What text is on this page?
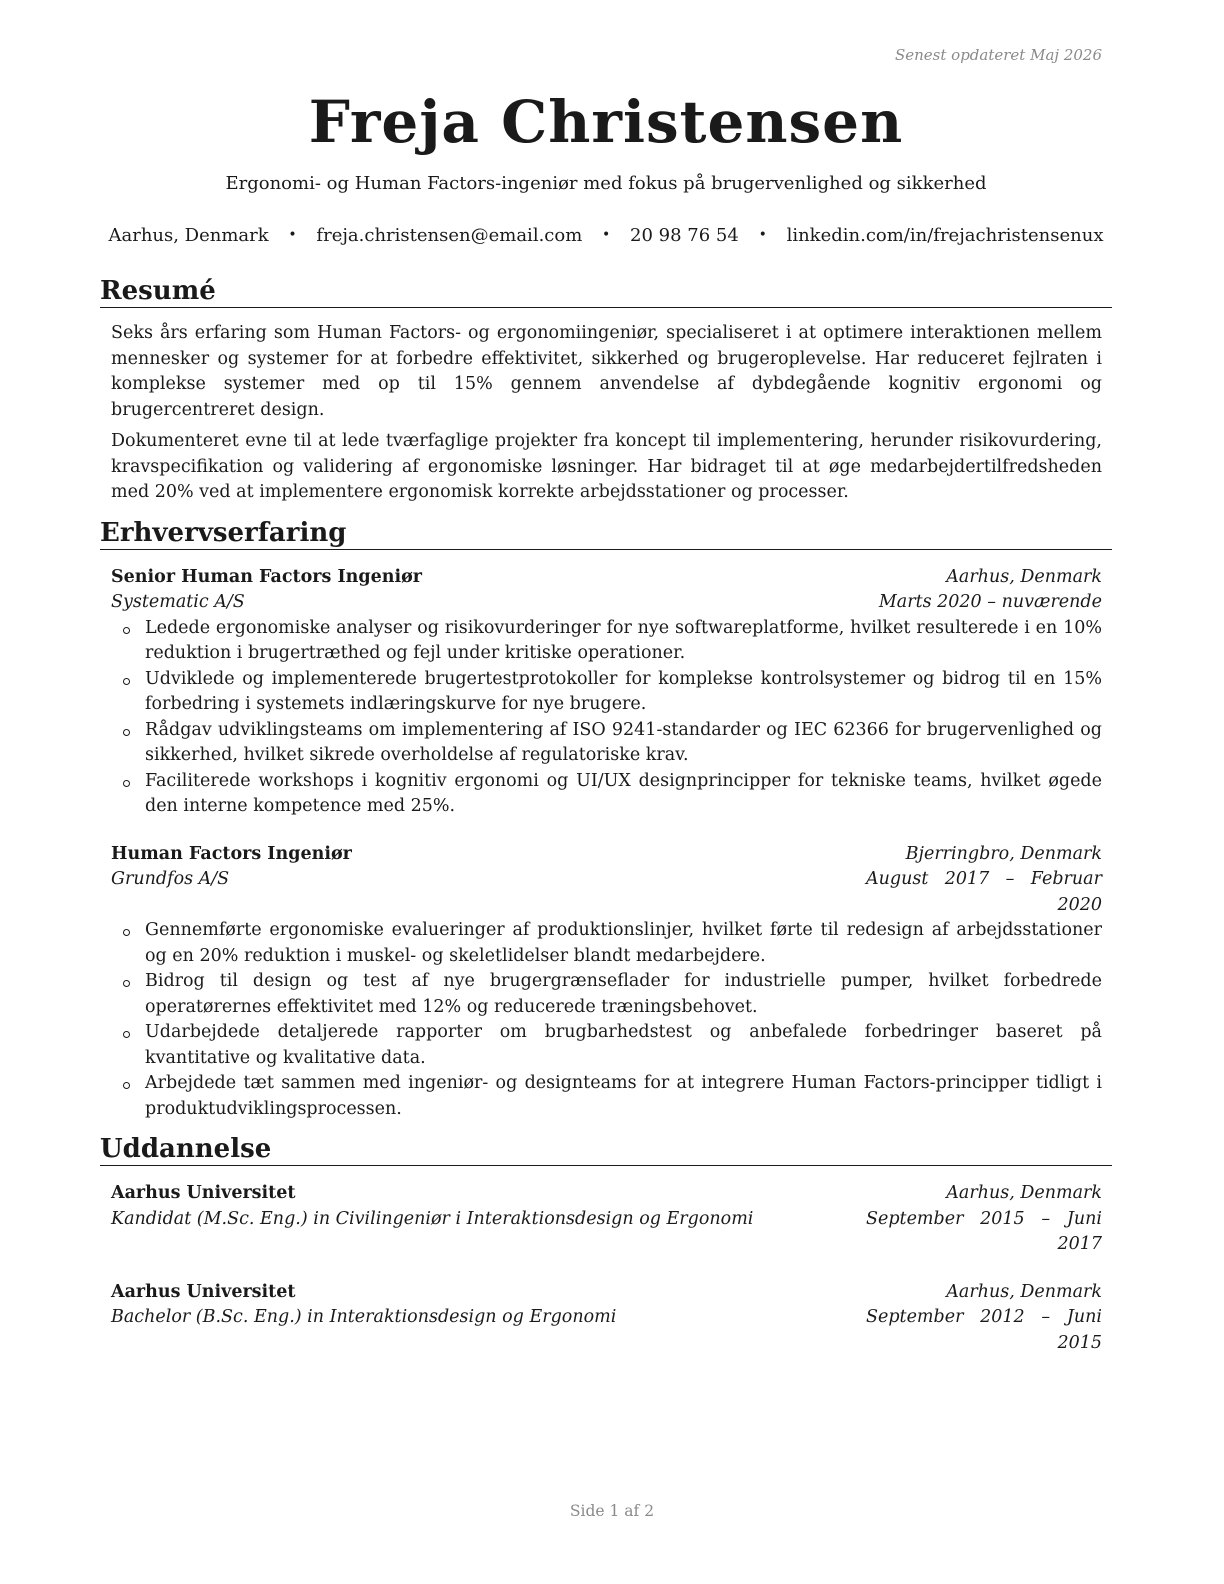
Senest opdateret Maj 2026
Freja Christensen
Ergonomi- og Human Factors-ingeniør med fokus på brugervenlighed og sikkerhed
Aarhus, Denmark • freja.christensen@email.com • 20 98 76 54 • linkedin.com/in/frejachristensenux
Resumé
Seks års erfaring som Human Factors- og ergonomiingeniør, specialiseret i at optimere interaktionen mellem mennesker og systemer for at forbedre effektivitet, sikkerhed og brugeroplevelse. Har reduceret fejlraten i komplekse systemer med op til 15% gennem anvendelse af dybdegående kognitiv ergonomi og brugercentreret design.
Dokumenteret evne til at lede tværfaglige projekter fra koncept til implementering, herunder risikovurdering, kravspecifikation og validering af ergonomiske løsninger. Har bidraget til at øge medarbejdertilfredsheden med 20% ved at implementere ergonomisk korrekte arbejdsstationer og processer.
Erhvervserfaring
Senior Human Factors Ingeniør	Aarhus, Denmark
Systematic A/S	Marts 2020 – nuværende
Ledede ergonomiske analyser og risikovurderinger for nye softwareplatforme, hvilket resulterede i en 10% reduktion i brugertræthed og fejl under kritiske operationer.
Udviklede og implementerede brugertestprotokoller for komplekse kontrolsystemer og bidrog til en 15% forbedring i systemets indlæringskurve for nye brugere.
Rådgav udviklingsteams om implementering af ISO 9241-standarder og IEC 62366 for brugervenlighed og sikkerhed, hvilket sikrede overholdelse af regulatoriske krav.
Faciliterede workshops i kognitiv ergonomi og UI/UX designprincipper for tekniske teams, hvilket øgede den interne kompetence med 25%.
Human Factors Ingeniør	Bjerringbro, Denmark
Grundfos A/S	August 2017 – Februar 2020
Gennemførte ergonomiske evalueringer af produktionslinjer, hvilket førte til redesign af arbejdsstationer og en 20% reduktion i muskel- og skeletlidelser blandt medarbejdere.
Bidrog til design og test af nye brugergrænseflader for industrielle pumper, hvilket forbedrede operatørernes effektivitet med 12% og reducerede træningsbehovet.
Udarbejdede detaljerede rapporter om brugbarhedstest og anbefalede forbedringer baseret på kvantitative og kvalitative data.
Arbejdede tæt sammen med ingeniør- og designteams for at integrere Human Factors-principper tidligt i produktudviklingsprocessen.
Uddannelse
Aarhus Universitet	Aarhus, Denmark
Kandidat (M.Sc. Eng.) in Civilingeniør i Interaktionsdesign og Ergonomi	September 2015 – Juni 2017
Aarhus Universitet	Aarhus, Denmark
Bachelor (B.Sc. Eng.) in Interaktionsdesign og Ergonomi	September 2012 – Juni 2015
Side 1 af 2
